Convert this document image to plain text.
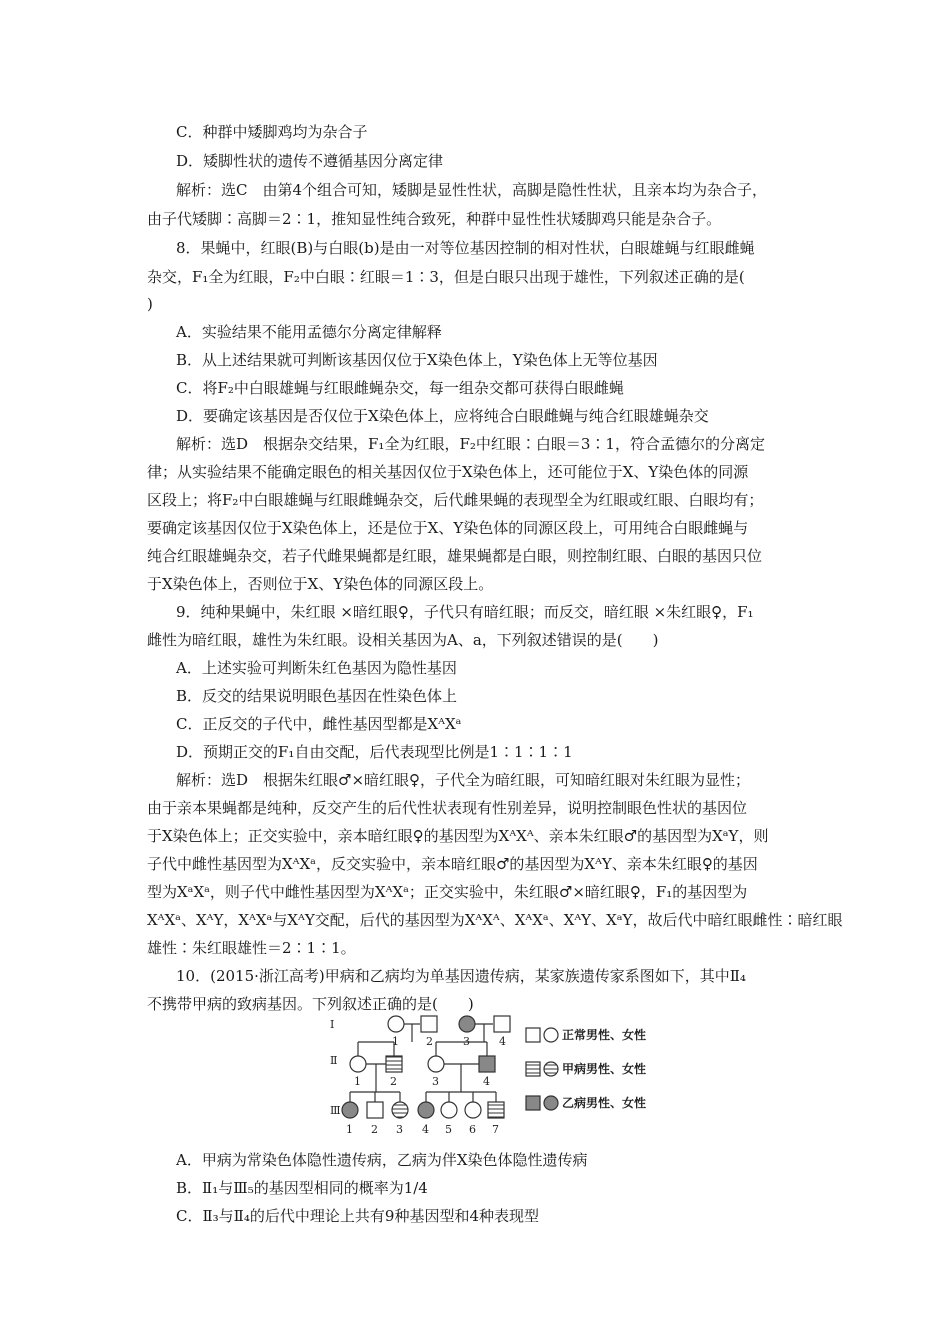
C．种群中矮脚鸡均为杂合子
D．矮脚性状的遗传不遵循基因分离定律
解析：选C　由第4个组合可知，矮脚是显性性状，高脚是隐性性状，且亲本均为杂合子，
由子代矮脚∶高脚＝2∶1，推知显性纯合致死，种群中显性性状矮脚鸡只能是杂合子。
8．果蝇中，红眼(B)与白眼(b)是由一对等位基因控制的相对性状，白眼雄蝇与红眼雌蝇
杂交，F₁全为红眼，F₂中白眼∶红眼＝1∶3，但是白眼只出现于雄性，下列叙述正确的是(
)
A．实验结果不能用孟德尔分离定律解释
B．从上述结果就可判断该基因仅位于X染色体上，Y染色体上无等位基因
C．将F₂中白眼雄蝇与红眼雌蝇杂交，每一组杂交都可获得白眼雌蝇
D．要确定该基因是否仅位于X染色体上，应将纯合白眼雌蝇与纯合红眼雄蝇杂交
解析：选D　根据杂交结果，F₁全为红眼，F₂中红眼∶白眼＝3∶1，符合孟德尔的分离定
律；从实验结果不能确定眼色的相关基因仅位于X染色体上，还可能位于X、Y染色体的同源
区段上；将F₂中白眼雄蝇与红眼雌蝇杂交，后代雌果蝇的表现型全为红眼或红眼、白眼均有；
要确定该基因仅位于X染色体上，还是位于X、Y染色体的同源区段上，可用纯合白眼雌蝇与
纯合红眼雄蝇杂交，若子代雌果蝇都是红眼，雄果蝇都是白眼，则控制红眼、白眼的基因只位
于X染色体上，否则位于X、Y染色体的同源区段上。
9．纯种果蝇中，朱红眼 ×暗红眼♀，子代只有暗红眼；而反交，暗红眼 ×朱红眼♀，F₁
雌性为暗红眼，雄性为朱红眼。设相关基因为A、a，下列叙述错误的是(　　)
A．上述实验可判断朱红色基因为隐性基因
B．反交的结果说明眼色基因在性染色体上
C．正反交的子代中，雌性基因型都是XᴬXᵃ
D．预期正交的F₁自由交配，后代表现型比例是1∶1∶1∶1
解析：选D　根据朱红眼♂×暗红眼♀，子代全为暗红眼，可知暗红眼对朱红眼为显性；
由于亲本果蝇都是纯种，反交产生的后代性状表现有性别差异，说明控制眼色性状的基因位
于X染色体上；正交实验中，亲本暗红眼♀的基因型为XᴬXᴬ、亲本朱红眼♂的基因型为XᵃY，则
子代中雌性基因型为XᴬXᵃ，反交实验中，亲本暗红眼♂的基因型为XᴬY、亲本朱红眼♀的基因
型为XᵃXᵃ，则子代中雌性基因型为XᴬXᵃ；正交实验中，朱红眼♂×暗红眼♀，F₁的基因型为
XᴬXᵃ、XᴬY，XᴬXᵃ与XᴬY交配，后代的基因型为XᴬXᴬ、XᴬXᵃ、XᴬY、XᵃY，故后代中暗红眼雌性∶暗红眼
雄性∶朱红眼雄性＝2∶1∶1。
10．(2015·浙江高考)甲病和乙病均为单基因遗传病，某家族遗传家系图如下，其中Ⅱ₄
不携带甲病的致病基因。下列叙述正确的是(　　)
A．甲病为常染色体隐性遗传病，乙病为伴X染色体隐性遗传病
B．Ⅱ₁与Ⅲ₅的基因型相同的概率为1/4
C．Ⅱ₃与Ⅱ₄的后代中理论上共有9种基因型和4种表现型
Ⅰ
Ⅱ
Ⅲ
1 2	3	4
1	2	3	4
1 2 3 4 5 6 7
正常男性、女性
甲病男性、女性
乙病男性、女性
